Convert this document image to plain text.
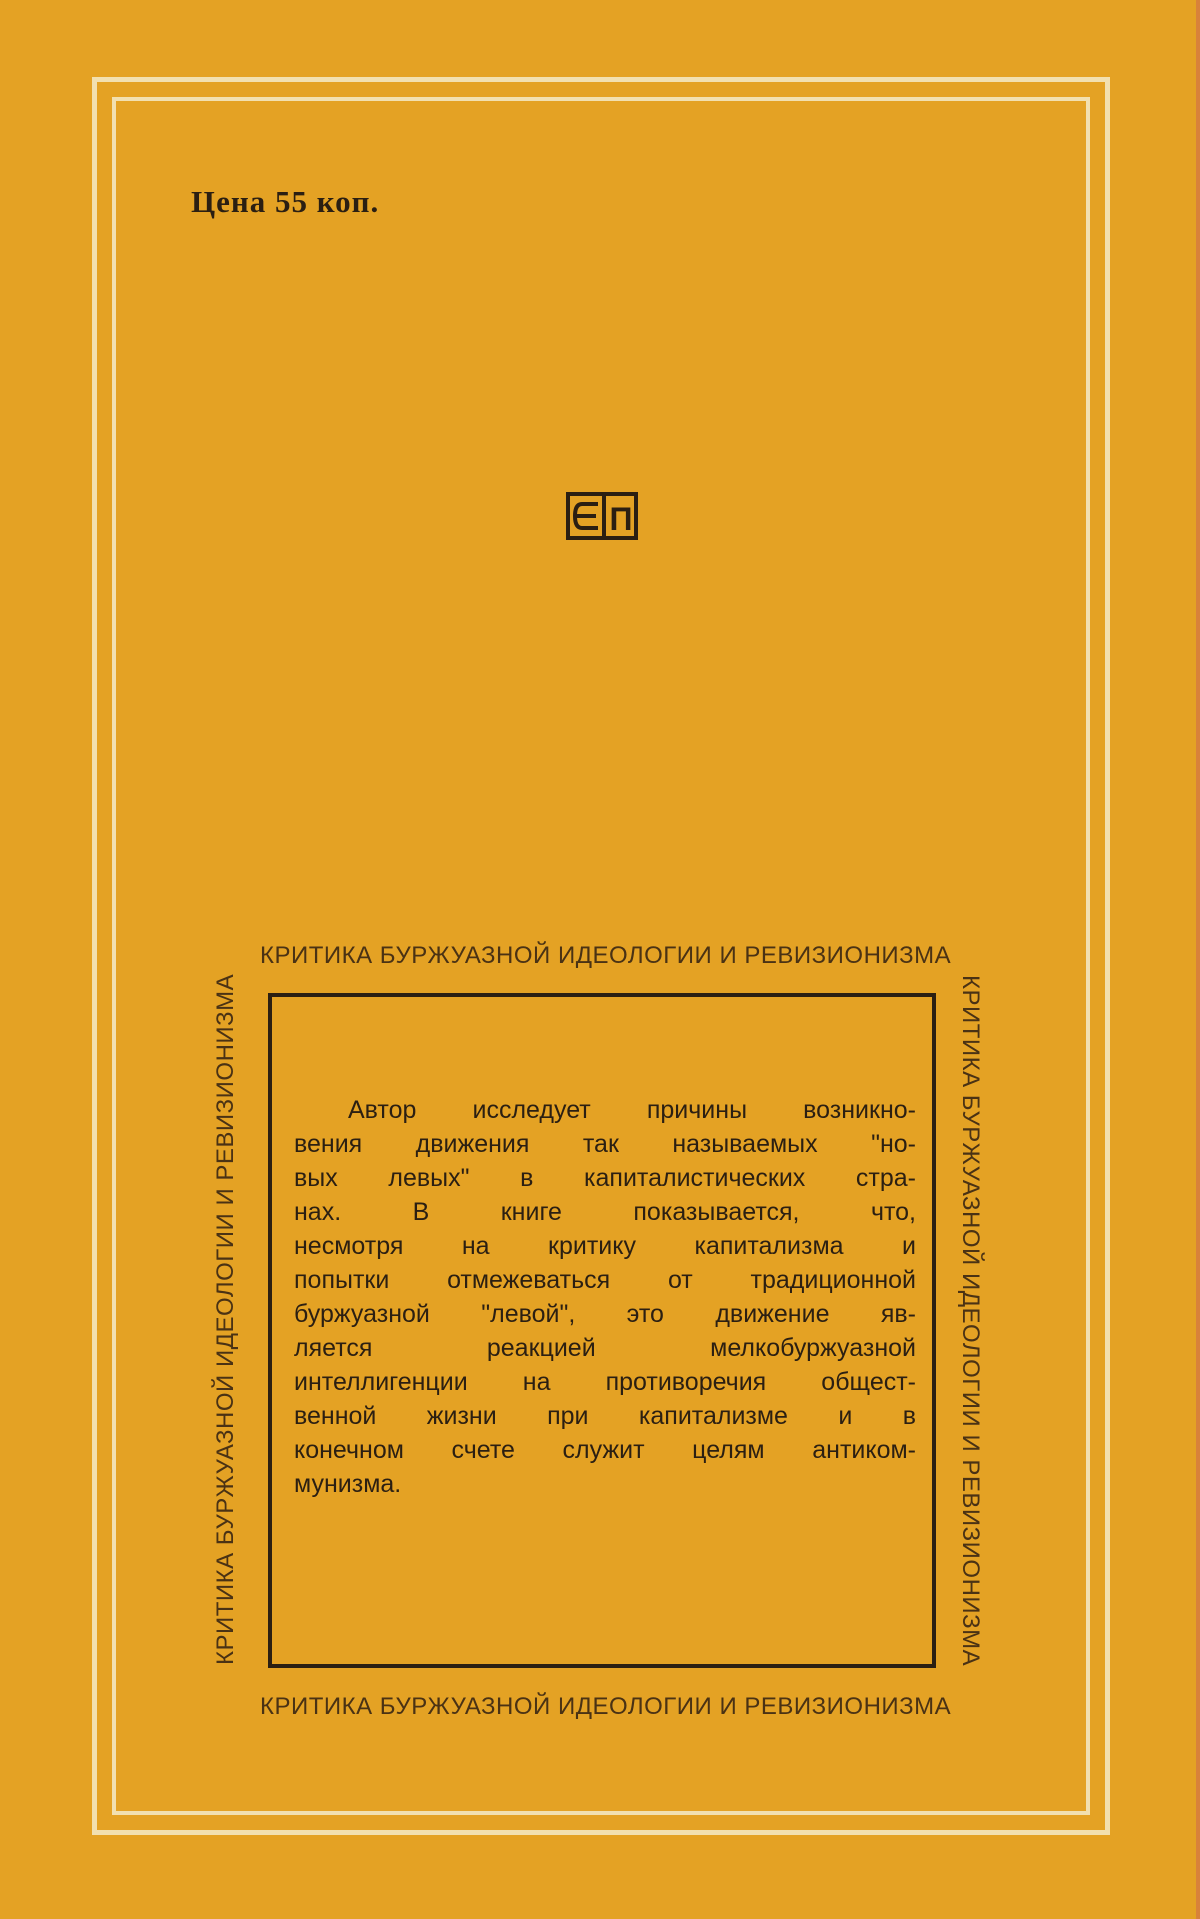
Цена 55 коп.
П
КРИТИКА БУРЖУАЗНОЙ ИДЕОЛОГИИ И РЕВИЗИОНИЗМА
КРИТИКА БУРЖУАЗНОЙ ИДЕОЛОГИИ И РЕВИЗИОНИЗМА	КРИТИКА БУРЖУАЗНОЙ ИДЕОЛОГИИ И РЕВИЗИОНИЗМА
КРИТИКА БУРЖУАЗНОЙ ИДЕОЛОГИИ И РЕВИЗИОНИЗМА
Автор исследует причины возникно-
вения движения так называемых "но-
вых левых" в капиталистических стра-
нах. В книге показывается, что,
несмотря на критику капитализма и
попытки отмежеваться от традиционной
буржуазной "левой", это движение яв-
ляется реакцией мелкобуржуазной
интеллигенции на противоречия общест-
венной жизни при капитализме и в
конечном счете служит целям антиком-
мунизма.
